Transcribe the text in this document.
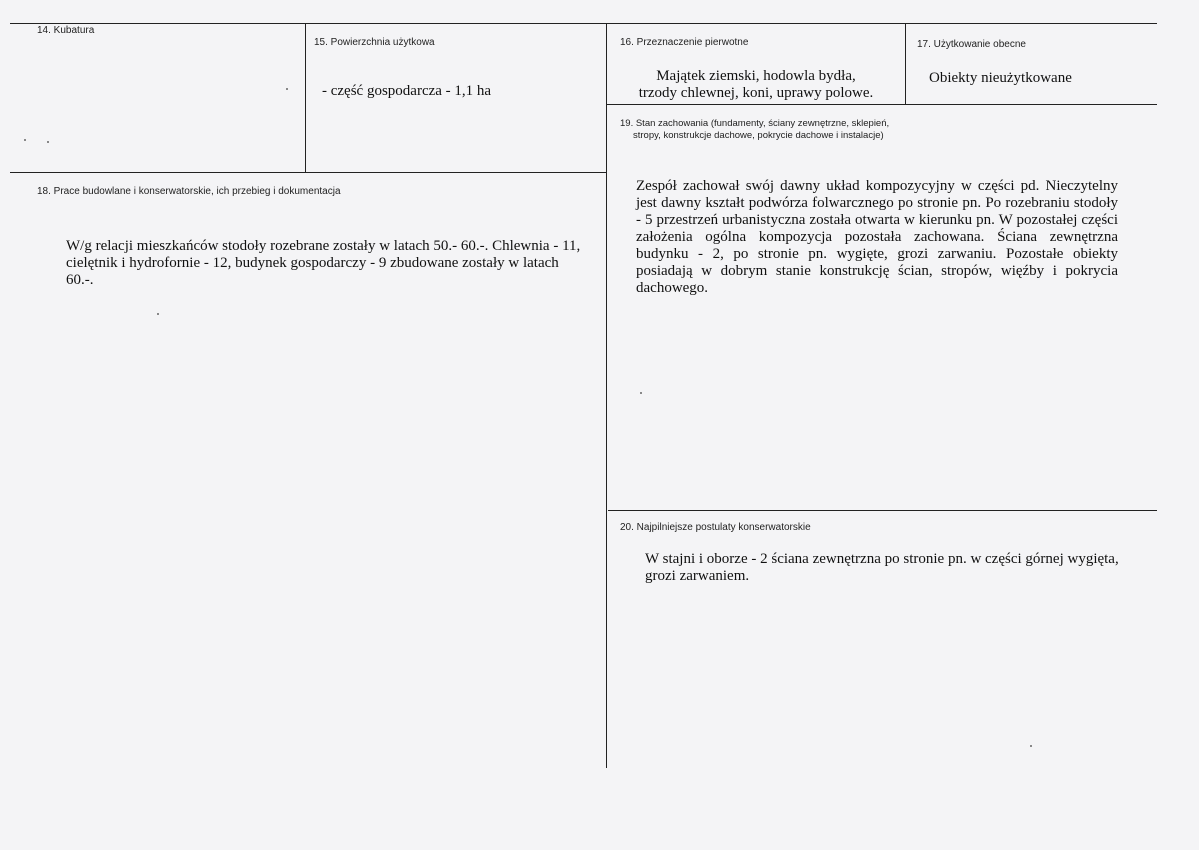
14. Kubatura
15. Powierzchnia użytkowa
- część gospodarcza - 1,1 ha
16. Przeznaczenie pierwotne
Majątek ziemski, hodowla bydła,
trzody chlewnej, koni, uprawy polowe.
17. Użytkowanie obecne
Obiekty nieużytkowane
19. Stan zachowania (fundamenty, ściany zewnętrzne, sklepień,
stropy, konstrukcje dachowe, pokrycie dachowe i instalacje)
Zespół zachował swój dawny układ kompozycyjny w części pd. Nieczytelny jest dawny kształt podwórza folwarcznego po stronie pn. Po rozebraniu stodoły - 5 przestrzeń urbanistyczna została otwarta w kierunku pn. W pozostałej części założenia ogólna kompozycja pozostała zachowana. Ściana zewnętrzna budynku - 2, po stronie pn. wygięte, grozi zarwaniu. Pozostałe obiekty posiadają w dobrym stanie konstrukcję ścian, stropów, więźby i pokrycia dachowego.
18. Prace budowlane i konserwatorskie, ich przebieg i dokumentacja
W/g relacji mieszkańców stodoły rozebrane zostały w latach 50.- 60.-. Chlewnia - 11, cielętnik i hydrofornie - 12, budynek gospodarczy - 9 zbudowane zostały w latach 60.-.
20. Najpilniejsze postulaty konserwatorskie
W stajni i oborze - 2 ściana zewnętrzna po stronie pn. w części górnej wygięta, grozi zarwaniem.
